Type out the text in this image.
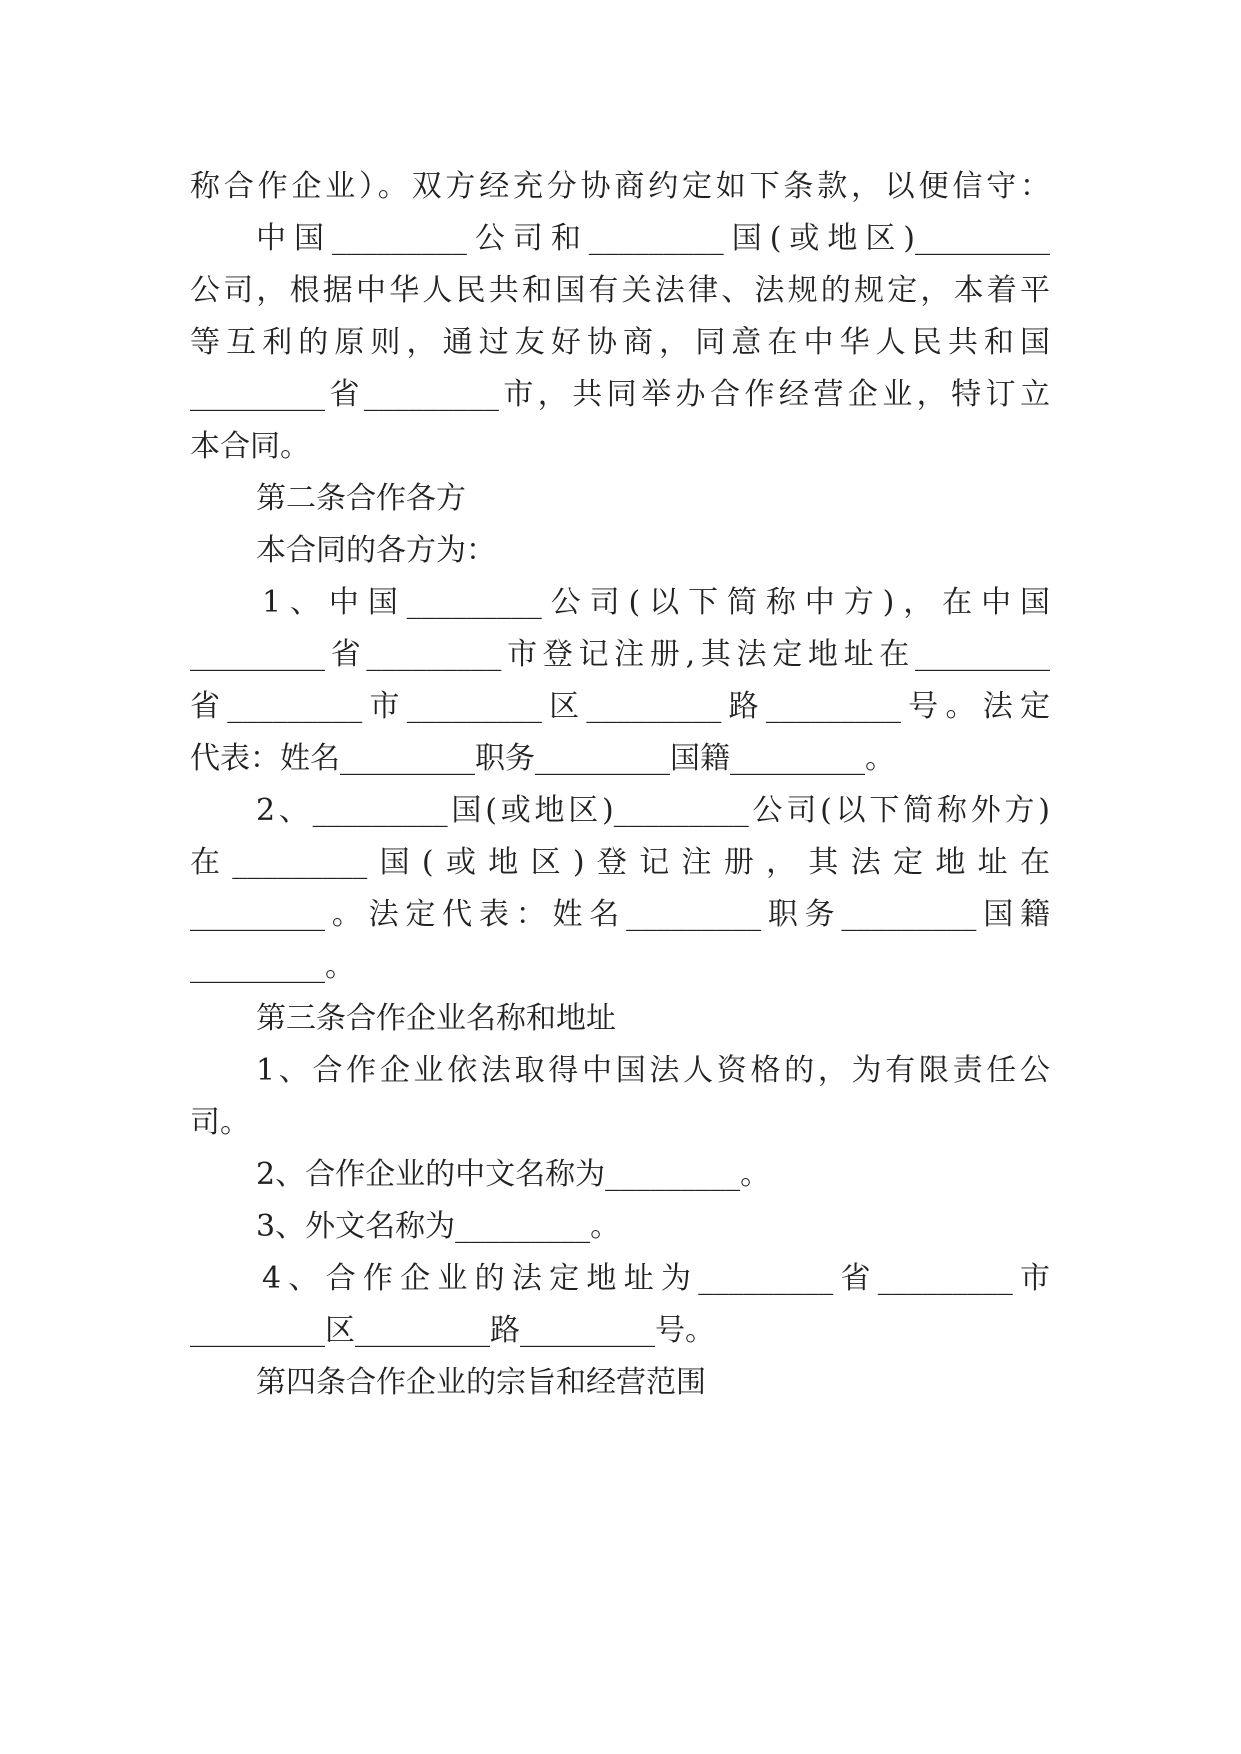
称合作企业）。双方经充分协商约定如下条款，以便信守：
中国_________公司和_________国(或地区)_________
公司，根据中华人民共和国有关法律、法规的规定，本着平
等互利的原则，通过友好协商，同意在中华人民共和国
_________省_________市，共同举办合作经营企业，特订立
本合同。
第二条合作各方
本合同的各方为：
1、中国_________公司(以下简称中方)，在中国
_________省_________市登记注册,其法定地址在_________
省_________市_________区_________路_________号。法定
代表：姓名_________职务_________国籍_________。
2、_________国(或地区)_________公司(以下简称外方)
在_________国(或地区)登记注册，其法定地址在
_________。法定代表：姓名_________职务_________国籍
_________。
第三条合作企业名称和地址
1、合作企业依法取得中国法人资格的，为有限责任公
司。
2、合作企业的中文名称为_________。
3、外文名称为_________。
4、合作企业的法定地址为_________省_________市
_________区_________路_________号。
第四条合作企业的宗旨和经营范围
